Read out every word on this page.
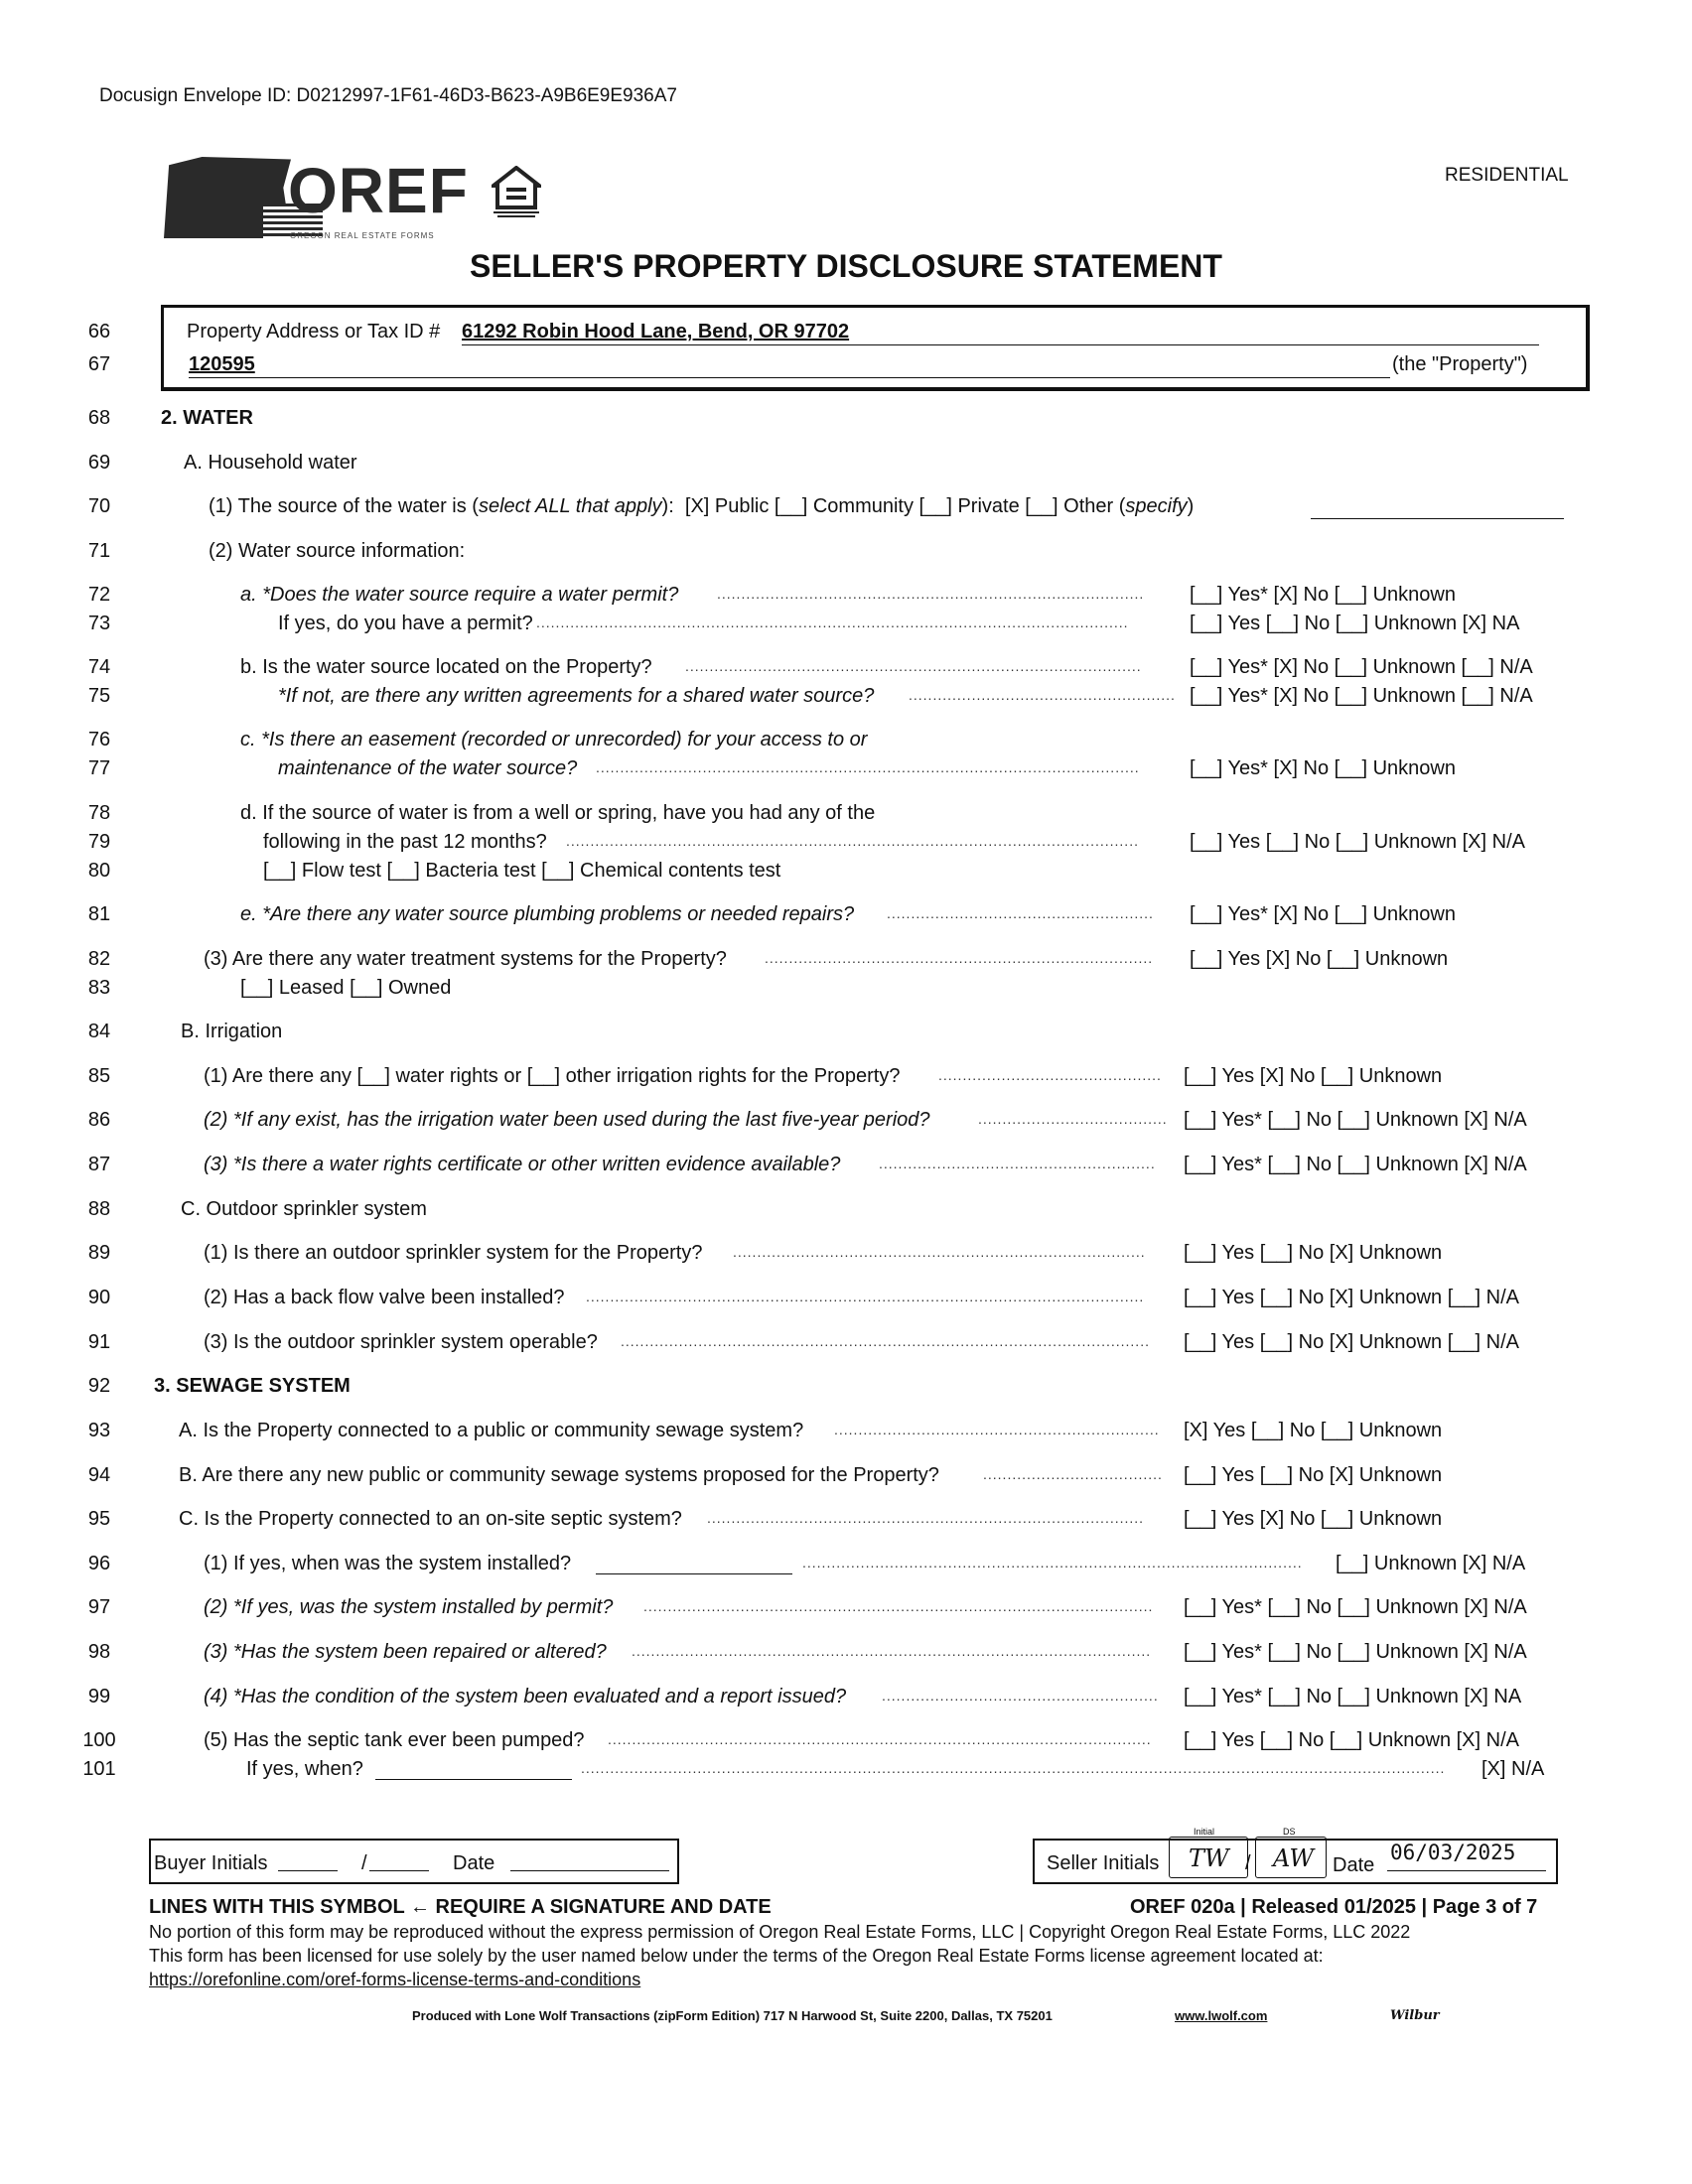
Docusign Envelope ID: D0212997-1F61-46D3-B623-A9B6E9E936A7
RESIDENTIAL
OREF
OREGON REAL ESTATE FORMS
SELLER'S PROPERTY DISCLOSURE STATEMENT
66
67
Property Address or Tax ID # 61292 Robin Hood Lane, Bend, OR 97702
120595	(the "Property")
68
69
70
71
72
73
74
75
76
77
78
79
80
81
82
83
84
85
86
87
88
89
90
91
92
93
94
95
96
97
98
99
100
101
2. WATER
A. Household water
(1) The source of the water is (select ALL that apply): [X] Public [__] Community [__] Private [__] Other (specify)
(2) Water source information:
a. *Does the water source require a water permit?	[__] Yes* [X] No [__] Unknown
If yes, do you have a permit?	[__] Yes [__] No [__] Unknown [X] NA
b. Is the water source located on the Property?	[__] Yes* [X] No [__] Unknown [__] N/A
*If not, are there any written agreements for a shared water source?	[__] Yes* [X] No [__] Unknown [__] N/A
c. *Is there an easement (recorded or unrecorded) for your access to or
maintenance of the water source?	[__] Yes* [X] No [__] Unknown
d. If the source of water is from a well or spring, have you had any of the
following in the past 12 months?	[__] Yes [__] No [__] Unknown [X] N/A
[__] Flow test [__] Bacteria test [__] Chemical contents test
e. *Are there any water source plumbing problems or needed repairs?	[__] Yes* [X] No [__] Unknown
(3) Are there any water treatment systems for the Property?	[__] Yes [X] No [__] Unknown
[__] Leased [__] Owned
B. Irrigation
(1) Are there any [__] water rights or [__] other irrigation rights for the Property?	[__] Yes [X] No [__] Unknown
(2) *If any exist, has the irrigation water been used during the last five-year period?	[__] Yes* [__] No [__] Unknown [X] N/A
(3) *Is there a water rights certificate or other written evidence available?	[__] Yes* [__] No [__] Unknown [X] N/A
C. Outdoor sprinkler system
(1) Is there an outdoor sprinkler system for the Property?	[__] Yes [__] No [X] Unknown
(2) Has a back flow valve been installed?	[__] Yes [__] No [X] Unknown [__] N/A
(3) Is the outdoor sprinkler system operable?	[__] Yes [__] No [X] Unknown [__] N/A
3. SEWAGE SYSTEM
A. Is the Property connected to a public or community sewage system?	[X] Yes [__] No [__] Unknown
B. Are there any new public or community sewage systems proposed for the Property?	[__] Yes [__] No [X] Unknown
C. Is the Property connected to an on-site septic system?	[__] Yes [X] No [__] Unknown
(1) If yes, when was the system installed?	[__] Unknown [X] N/A
(2) *If yes, was the system installed by permit?	[__] Yes* [__] No [__] Unknown [X] N/A
(3) *Has the system been repaired or altered?	[__] Yes* [__] No [__] Unknown [X] N/A
(4) *Has the condition of the system been evaluated and a report issued?	[__] Yes* [__] No [__] Unknown [X] NA
(5) Has the septic tank ever been pumped?	[__] Yes [__] No [__] Unknown [X] N/A
If yes, when?	[X] N/A
........................................................................................
..........................................................................................................................
..............................................................................................
.......................................................
................................................................................................................
......................................................................................................................
.......................................................
................................................................................
..............................................
.......................................
.........................................................
.....................................................................................
...................................................................................................................
.............................................................................................................
...................................................................
.....................................
..........................................................................................
.......................................................................................................
.........................................................................................................
...........................................................................................................
.........................................................
................................................................................................................
..................................................................................................................................................................................
Buyer Initials	/	Date	Seller Initials TW
Initial
/ AW
DS
Date
06/03/2025
LINES WITH THIS SYMBOL ← REQUIRE A SIGNATURE AND DATE	OREF 020a | Released 01/2025 | Page 3 of 7
No portion of this form may be reproduced without the express permission of Oregon Real Estate Forms, LLC | Copyright Oregon Real Estate Forms, LLC 2022
This form has been licensed for use solely by the user named below under the terms of the Oregon Real Estate Forms license agreement located at:
https://orefonline.com/oref-forms-license-terms-and-conditions
Produced with Lone Wolf Transactions (zipForm Edition) 717 N Harwood St, Suite 2200, Dallas, TX 75201	www.lwolf.com	Wilbur
